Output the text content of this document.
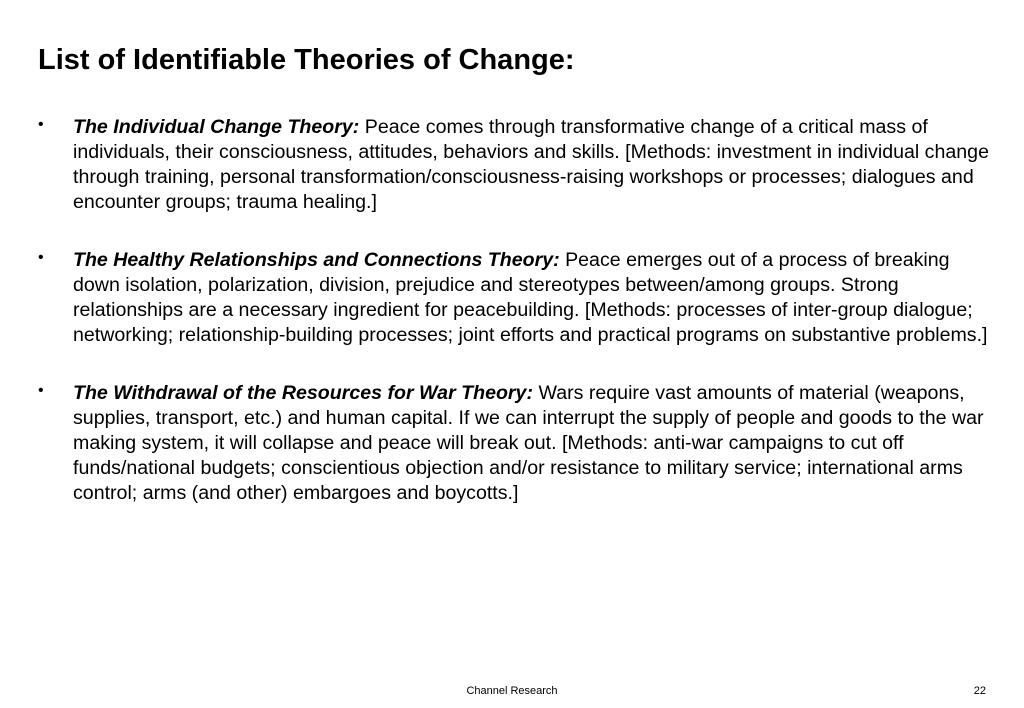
List of Identifiable Theories of Change:
• The Individual Change Theory: Peace comes through transformative change of a critical mass of individuals, their consciousness, attitudes, behaviors and skills. [Methods: investment in individual change through training, personal transformation/consciousness-raising workshops or processes; dialogues and encounter groups; trauma healing.]
• The Healthy Relationships and Connections Theory: Peace emerges out of a process of breaking down isolation, polarization, division, prejudice and stereotypes between/among groups. Strong relationships are a necessary ingredient for peacebuilding. [Methods: processes of inter-group dialogue; networking; relationship-building processes; joint efforts and practical programs on substantive problems.]
• The Withdrawal of the Resources for War Theory: Wars require vast amounts of material (weapons, supplies, transport, etc.) and human capital. If we can interrupt the supply of people and goods to the war making system, it will collapse and peace will break out. [Methods: anti-war campaigns to cut off funds/national budgets; conscientious objection and/or resistance to military service; international arms control; arms (and other) embargoes and boycotts.]
Channel Research	22
